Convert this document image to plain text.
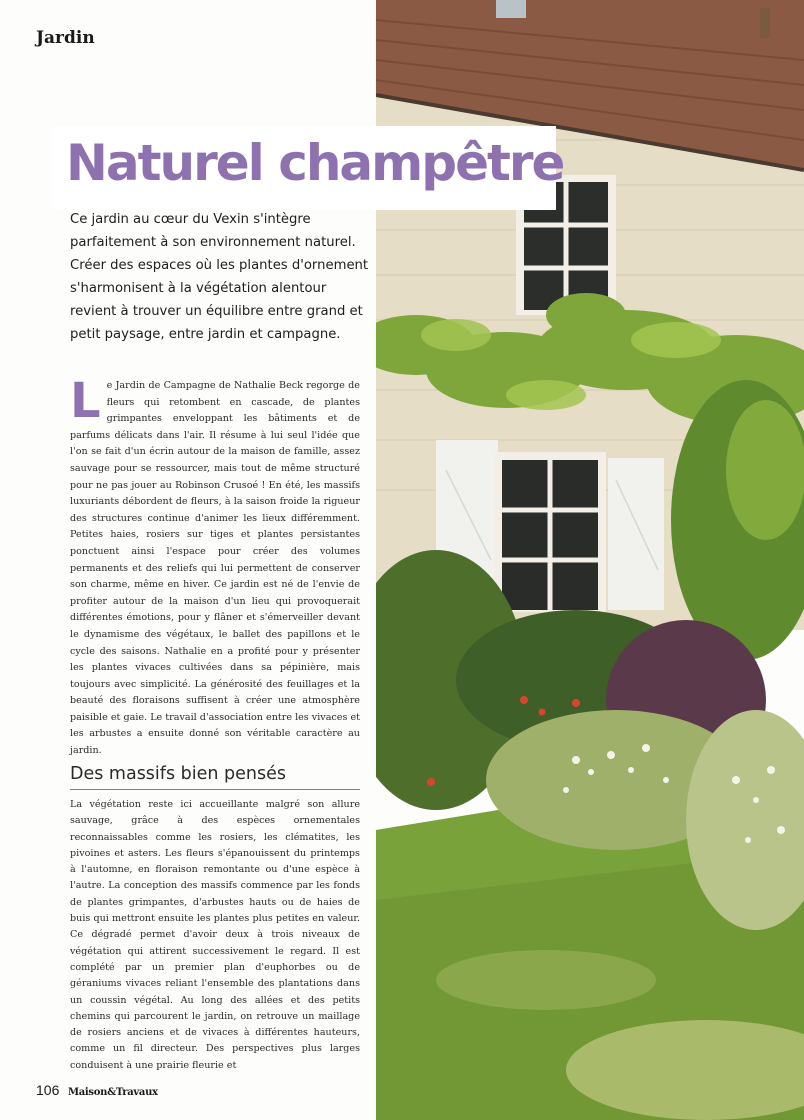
Jardin
Naturel champêtre
Ce jardin au cœur du Vexin s'intègre parfaitement à son environnement naturel. Créer des espaces où les plantes d'ornement s'harmonisent à la végétation alentour revient à trouver un équilibre entre grand et petit paysage, entre jardin et campagne.
Le Jardin de Campagne de Nathalie Beck regorge de fleurs qui retombent en cascade, de plantes grimpantes enveloppant les bâtiments et de parfums délicats dans l'air. Il résume à lui seul l'idée que l'on se fait d'un écrin autour de la maison de famille, assez sauvage pour se ressourcer, mais tout de même structuré pour ne pas jouer au Robinson Crusoé ! En été, les massifs luxuriants débordent de fleurs, à la saison froide la rigueur des structures continue d'animer les lieux différemment. Petites haies, rosiers sur tiges et plantes persistantes ponctuent ainsi l'espace pour créer des volumes permanents et des reliefs qui lui permettent de conserver son charme, même en hiver. Ce jardin est né de l'envie de profiter autour de la maison d'un lieu qui provoquerait différentes émotions, pour y flâner et s'émerveiller devant le dynamisme des végétaux, le ballet des papillons et le cycle des saisons. Nathalie en a profité pour y présenter les plantes vivaces cultivées dans sa pépinière, mais toujours avec simplicité. La générosité des feuillages et la beauté des floraisons suffisent à créer une atmosphère paisible et gaie. Le travail d'association entre les vivaces et les arbustes a ensuite donné son véritable caractère au jardin.
Des massifs bien pensés
La végétation reste ici accueillante malgré son allure sauvage, grâce à des espèces ornementales reconnaissables comme les rosiers, les clématites, les pivoines et asters. Les fleurs s'épanouissent du printemps à l'automne, en floraison remontante ou d'une espèce à l'autre. La conception des massifs commence par les fonds de plantes grimpantes, d'arbustes hauts ou de haies de buis qui mettront ensuite les plantes plus petites en valeur. Ce dégradé permet d'avoir deux à trois niveaux de végétation qui attirent successivement le regard. Il est complété par un premier plan d'euphorbes ou de géraniums vivaces reliant l'ensemble des plantations dans un coussin végétal. Au long des allées et des petits chemins qui parcourent le jardin, on retrouve un maillage de rosiers anciens et de vivaces à différentes hauteurs, comme un fil directeur. Des perspectives plus larges conduisent à une prairie fleurie et
106 Maison&Travaux
